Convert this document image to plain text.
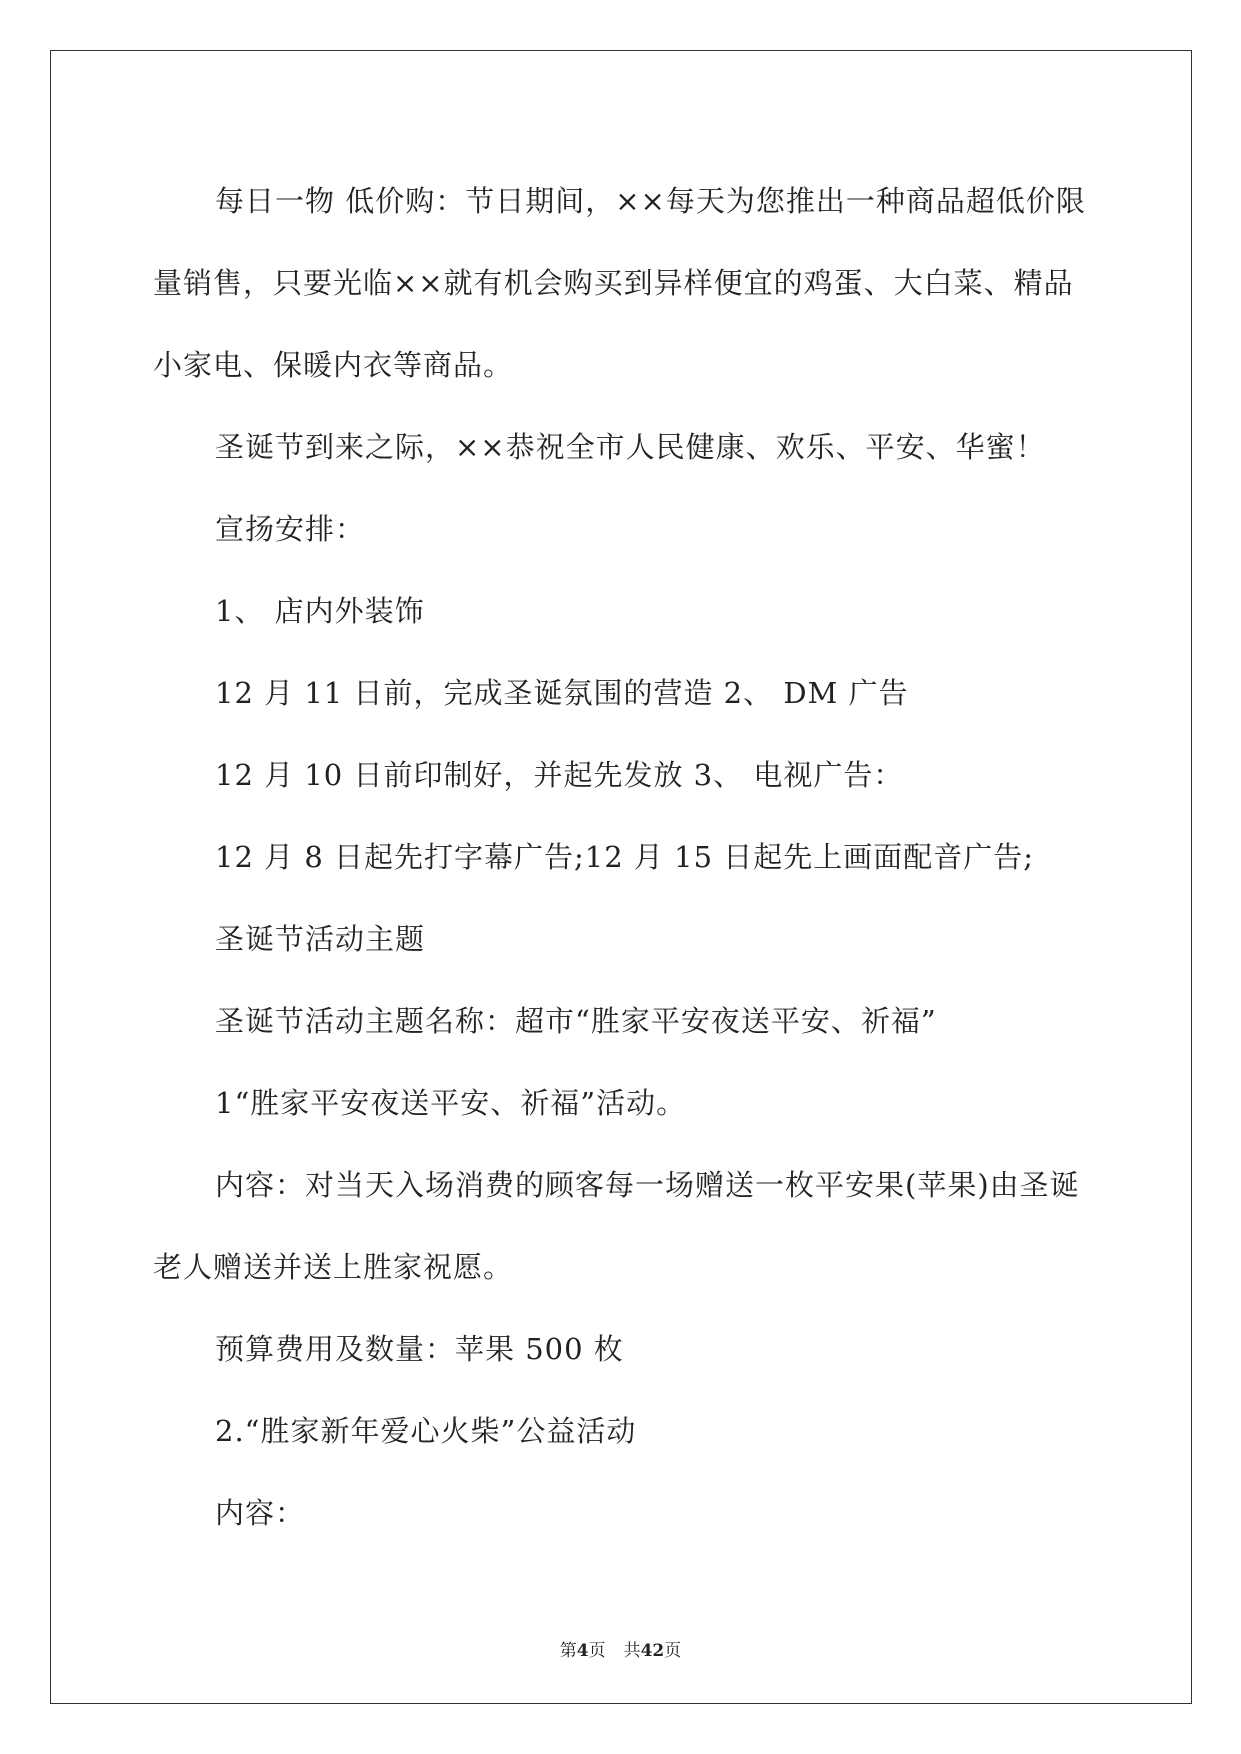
每日一物 低价购：节日期间，××每天为您推出一种商品超低价限量销售，只要光临××就有机会购买到异样便宜的鸡蛋、大白菜、精品小家电、保暖内衣等商品。

圣诞节到来之际，××恭祝全市人民健康、欢乐、平安、华蜜！

宣扬安排：

1、 店内外装饰

12 月 11 日前，完成圣诞氛围的营造 2、 DM 广告

12 月 10 日前印制好，并起先发放 3、 电视广告：

12 月 8 日起先打字幕广告;12 月 15 日起先上画面配音广告;

圣诞节活动主题

圣诞节活动主题名称：超市“胜家平安夜送平安、祈福”

1“胜家平安夜送平安、祈福”活动。

内容：对当天入场消费的顾客每一场赠送一枚平安果(苹果)由圣诞老人赠送并送上胜家祝愿。

预算费用及数量：苹果 500 枚

2.“胜家新年爱心火柴”公益活动

内容：

第4页 共42页
